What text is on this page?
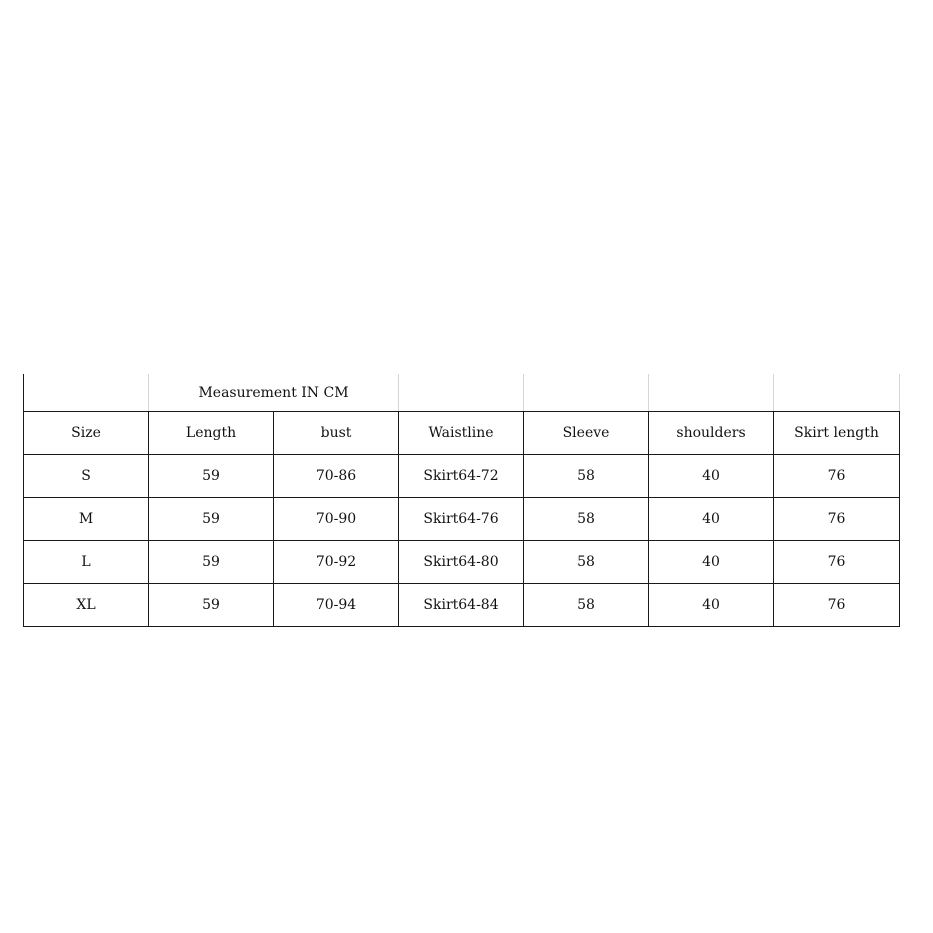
	Measurement IN CM					
Size	Length	bust	Waistline	Sleeve	shoulders	Skirt length
S	59	70-86	Skirt64-72	58	40	76
M	59	70-90	Skirt64-76	58	40	76
L	59	70-92	Skirt64-80	58	40	76
XL	59	70-94	Skirt64-84	58	40	76
